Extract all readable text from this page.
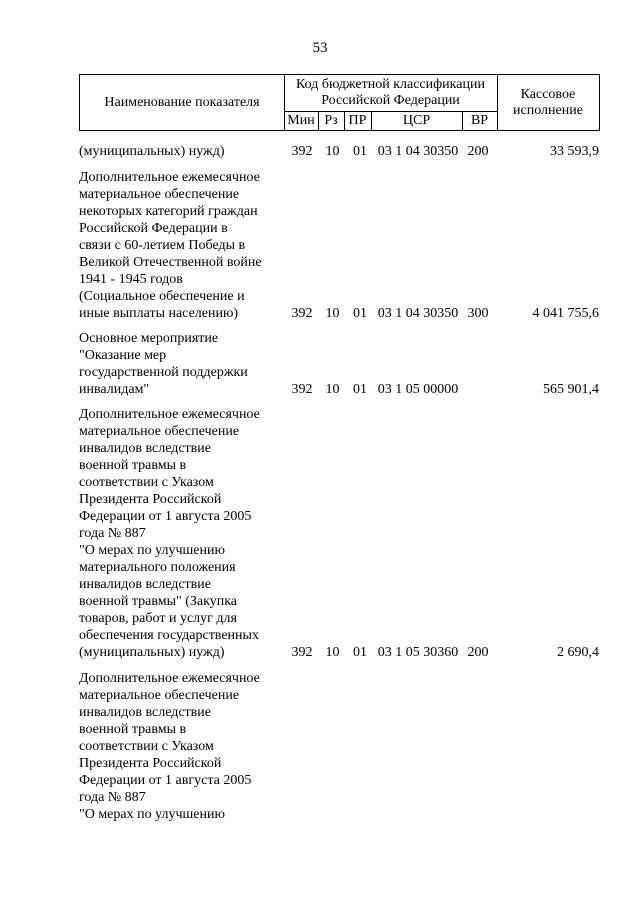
53
Наименование показателя
Код бюджетной классификации Российской Федерации
Мин Рз ПР	ЦСР	ВР
Кассовое исполнение
(муниципальных) нужд)	392 10 01 03 1 04 30350 200	33 593,9
Дополнительное ежемесячное
материальное обеспечение
некоторых категорий граждан
Российской Федерации в
связи с 60-летием Победы в
Великой Отечественной войне
1941 - 1945 годов
(Социальное обеспечение и
иные выплаты населению)	392 10 01 03 1 04 30350 300	4 041 755,6
Основное мероприятие
"Оказание мер
государственной поддержки
инвалидам"	392 10 01 03 1 05 00000	565 901,4
Дополнительное ежемесячное
материальное обеспечение
инвалидов вследствие
военной травмы в
соответствии с Указом
Президента Российской
Федерации от 1 августа 2005
года № 887
"О мерах по улучшению
материального положения
инвалидов вследствие
военной травмы" (Закупка
товаров, работ и услуг для
обеспечения государственных
(муниципальных) нужд)	392 10 01 03 1 05 30360 200	2 690,4
Дополнительное ежемесячное
материальное обеспечение
инвалидов вследствие
военной травмы в
соответствии с Указом
Президента Российской
Федерации от 1 августа 2005
года № 887
"О мерах по улучшению
